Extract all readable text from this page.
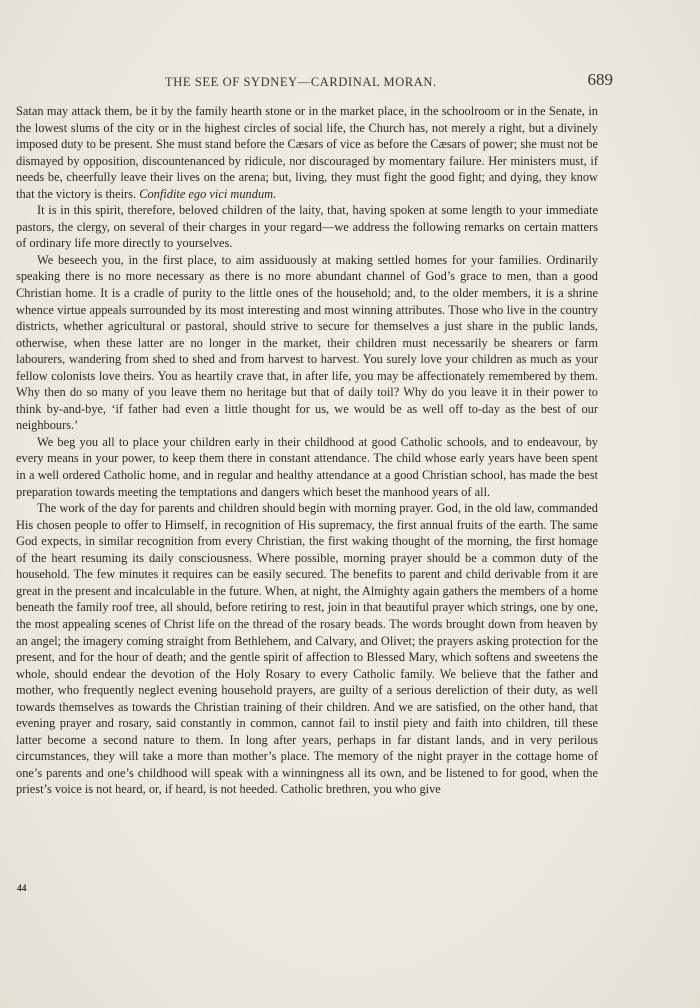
THE SEE OF SYDNEY—CARDINAL MORAN.	689

Satan may attack them, be it by the family hearth stone or in the market place, in the schoolroom or in the Senate, in the lowest slums of the city or in the highest circles of social life, the Church has, not merely a right, but a divinely imposed duty to be present. She must stand before the Cæsars of vice as before the Cæsars of power; she must not be dismayed by opposition, discountenanced by ridicule, nor discouraged by momentary failure. Her ministers must, if needs be, cheerfully leave their lives on the arena; but, living, they must fight the good fight; and dying, they know that the victory is theirs. Confidite ego vici mundum.

It is in this spirit, therefore, beloved children of the laity, that, having spoken at some length to your immediate pastors, the clergy, on several of their charges in your regard—we address the following remarks on certain matters of ordinary life more directly to yourselves.

We beseech you, in the first place, to aim assiduously at making settled homes for your families. Ordinarily speaking there is no more necessary as there is no more abundant channel of God’s grace to men, than a good Christian home. It is a cradle of purity to the little ones of the household; and, to the older members, it is a shrine whence virtue appeals surrounded by its most interesting and most winning attributes. Those who live in the country districts, whether agricultural or pastoral, should strive to secure for themselves a just share in the public lands, otherwise, when these latter are no longer in the market, their children must necessarily be shearers or farm labourers, wandering from shed to shed and from harvest to harvest. You surely love your children as much as your fellow colonists love theirs. You as heartily crave that, in after life, you may be affectionately remembered by them. Why then do so many of you leave them no heritage but that of daily toil? Why do you leave it in their power to think by-and-bye, ‘if father had even a little thought for us, we would be as well off to-day as the best of our neighbours.’

We beg you all to place your children early in their childhood at good Catholic schools, and to endeavour, by every means in your power, to keep them there in constant attendance. The child whose early years have been spent in a well ordered Catholic home, and in regular and healthy attendance at a good Christian school, has made the best preparation towards meeting the temptations and dangers which beset the manhood years of all.

The work of the day for parents and children should begin with morning prayer. God, in the old law, commanded His chosen people to offer to Himself, in recognition of His supremacy, the first annual fruits of the earth. The same God expects, in similar recognition from every Christian, the first waking thought of the morning, the first homage of the heart resuming its daily consciousness. Where possible, morning prayer should be a common duty of the household. The few minutes it requires can be easily secured. The benefits to parent and child derivable from it are great in the present and incalculable in the future. When, at night, the Almighty again gathers the members of a home beneath the family roof tree, all should, before retiring to rest, join in that beautiful prayer which strings, one by one, the most appealing scenes of Christ life on the thread of the rosary beads. The words brought down from heaven by an angel; the imagery coming straight from Bethlehem, and Calvary, and Olivet; the prayers asking protection for the present, and for the hour of death; and the gentle spirit of affection to Blessed Mary, which softens and sweetens the whole, should endear the devotion of the Holy Rosary to every Catholic family. We believe that the father and mother, who frequently neglect evening household prayers, are guilty of a serious dereliction of their duty, as well towards themselves as towards the Christian training of their children. And we are satisfied, on the other hand, that evening prayer and rosary, said constantly in common, cannot fail to instil piety and faith into children, till these latter become a second nature to them. In long after years, perhaps in far distant lands, and in very perilous circumstances, they will take a more than mother’s place. The memory of the night prayer in the cottage home of one’s parents and one’s childhood will speak with a winningness all its own, and be listened to for good, when the priest’s voice is not heard, or, if heard, is not heeded. Catholic brethren, you who give

44
